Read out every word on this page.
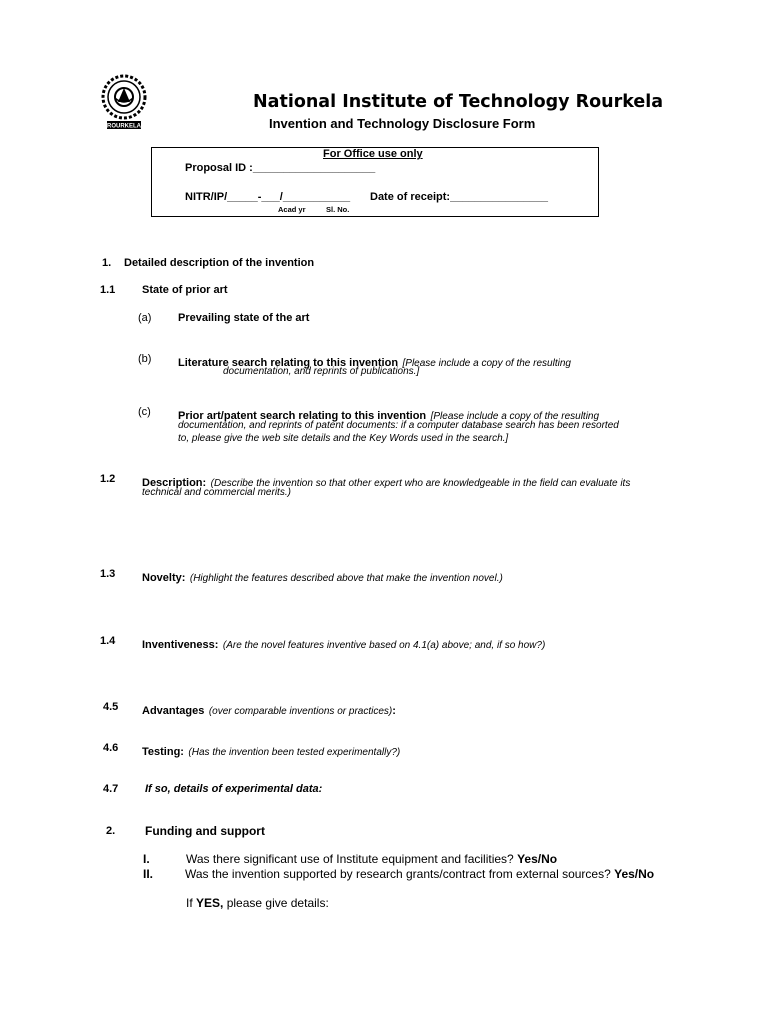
ROURKELA
National Institute of Technology Rourkela
Invention and Technology Disclosure Form
For Office use only
Proposal ID :____________________
NITR/IP/_____-___/___________
Acad yr	Sl. No.
Date of receipt:________________
1. Detailed description of the invention
1.1 State of prior art
(a) Prevailing state of the art
(b) Literature search relating to this invention [Please include a copy of the resulting
documentation, and reprints of publications.]
(c) Prior art/patent search relating to this invention [Please include a copy of the resulting
documentation, and reprints of patent documents: if a computer database search has been resorted
to, please give the web site details and the Key Words used in the search.]
1.2 Description: (Describe the invention so that other expert who are knowledgeable in the field can evaluate its
technical and commercial merits.)
1.3 Novelty: (Highlight the features described above that make the invention novel.)
1.4 Inventiveness: (Are the novel features inventive based on 4.1(a) above; and, if so how?)
4.5 Advantages (over comparable inventions or practices):
4.6 Testing: (Has the invention been tested experimentally?)
4.7 If so, details of experimental data:
2. Funding and support
I.	Was there significant use of Institute equipment and facilities? Yes/No
II.	Was the invention supported by research grants/contract from external sources? Yes/No
If YES, please give details:
